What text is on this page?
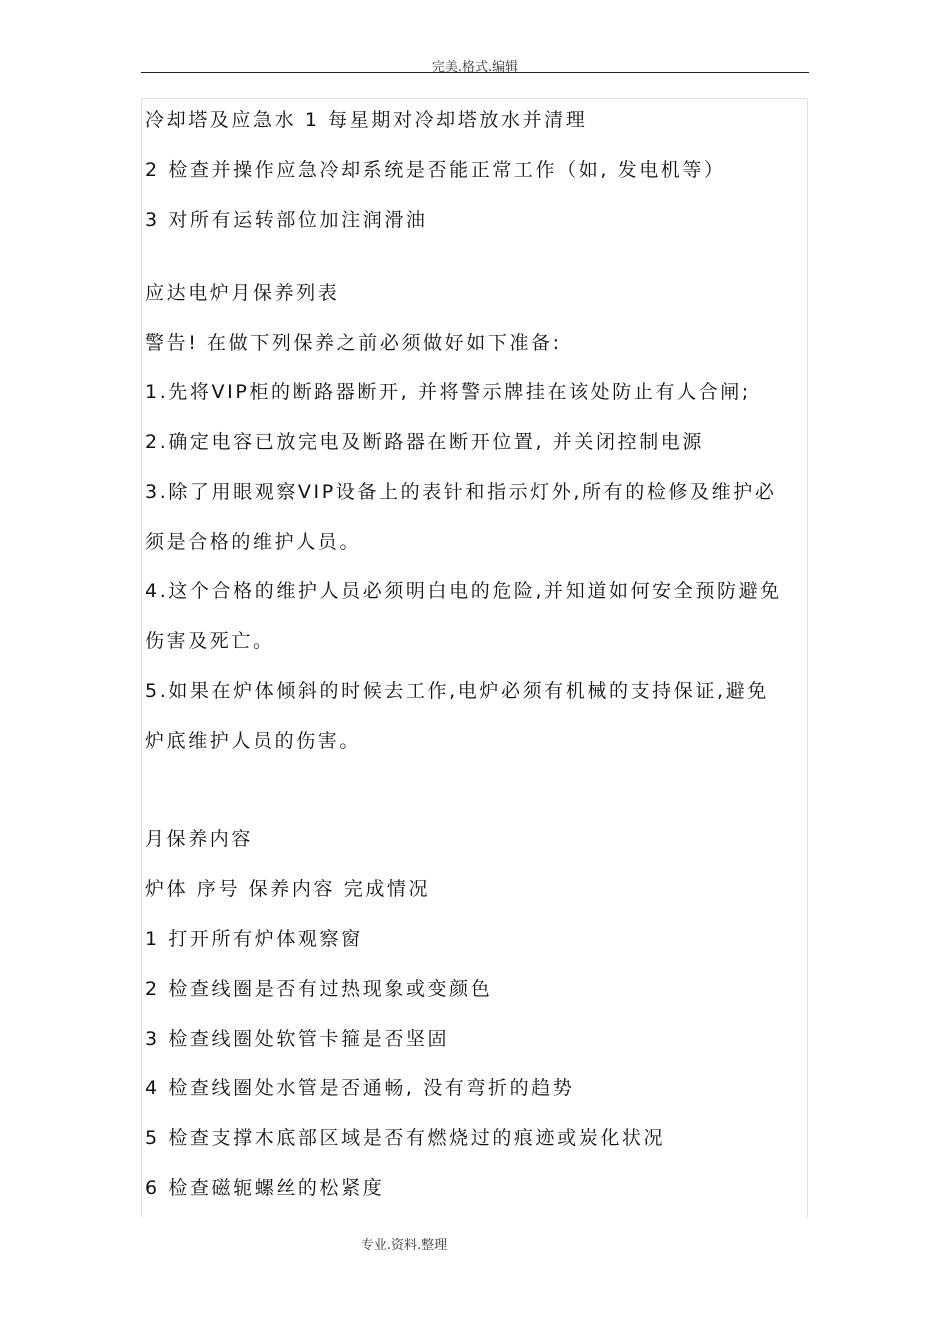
完美.格式.编辑
冷却塔及应急水 1 每星期对冷却塔放水并清理
2 检查并操作应急冷却系统是否能正常工作（如, 发电机等）
3 对所有运转部位加注润滑油
应达电炉月保养列表
警告! 在做下列保养之前必须做好如下准备:
1.先将VIP柜的断路器断开, 并将警示牌挂在该处防止有人合闸;
2.确定电容已放完电及断路器在断开位置, 并关闭控制电源
3.除了用眼观察VIP设备上的表针和指示灯外,所有的检修及维护必
须是合格的维护人员。
4.这个合格的维护人员必须明白电的危险,并知道如何安全预防避免
伤害及死亡。
5.如果在炉体倾斜的时候去工作,电炉必须有机械的支持保证,避免
炉底维护人员的伤害。
月保养内容
炉体 序号 保养内容 完成情况
1 打开所有炉体观察窗
2 检查线圈是否有过热现象或变颜色
3 检查线圈处软管卡箍是否坚固
4 检查线圈处水管是否通畅, 没有弯折的趋势
5 检查支撑木底部区域是否有燃烧过的痕迹或炭化状况
6 检查磁轭螺丝的松紧度
专业.资料.整理
